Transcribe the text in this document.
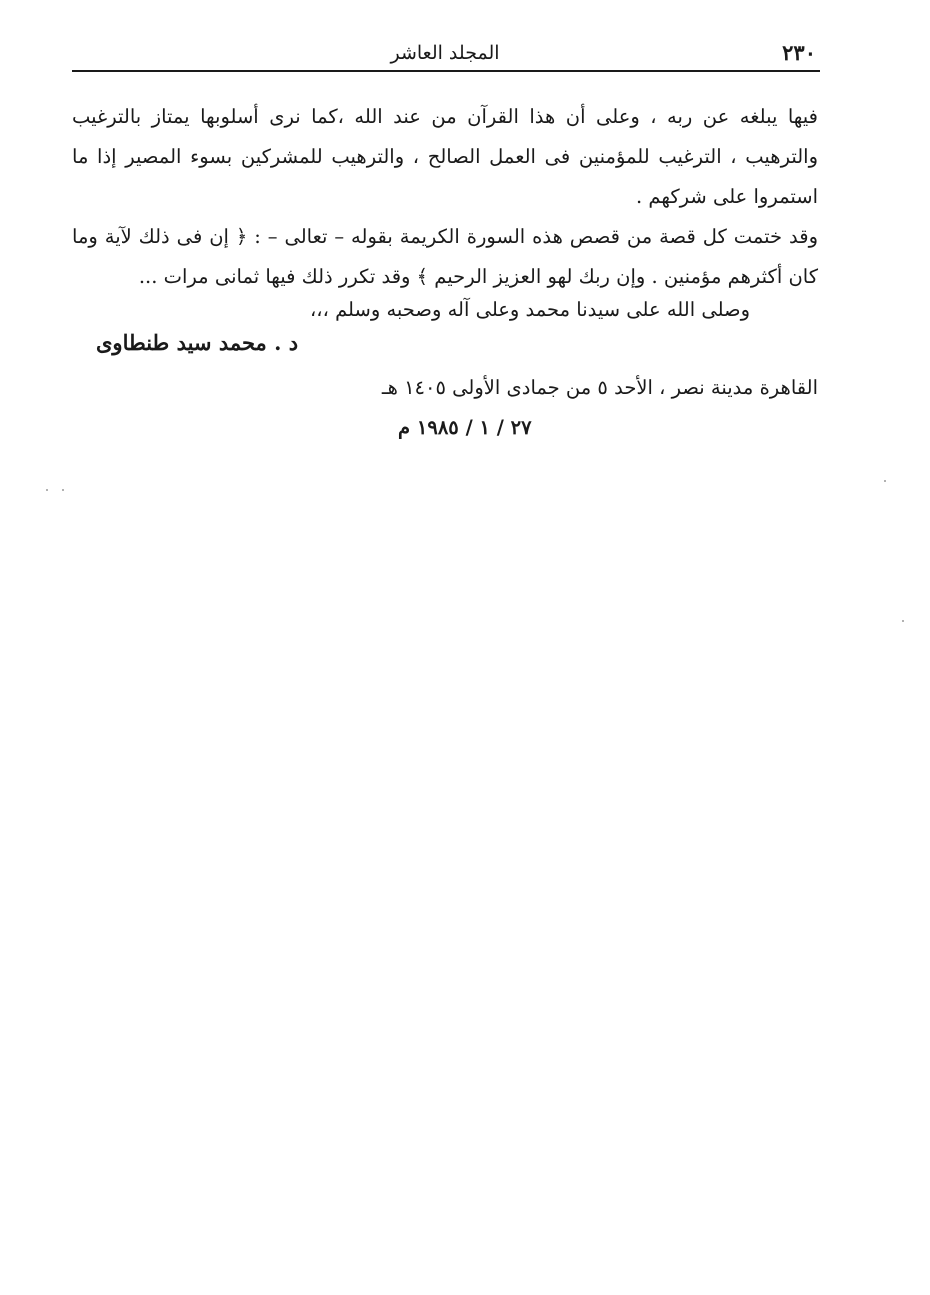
٢٣٠
المجلد العاشر

فيها يبلغه عن ربه ، وعلى أن هذا القرآن من عند الله ،كما نرى أسلوبها يمتاز بالترغيب والترهيب ، الترغيب للمؤمنين فى العمل الصالح ، والترهيب للمشركين بسوء المصير إذا ما استمروا على شركهم .

وقد ختمت كل قصة من قصص هذه السورة الكريمة بقوله – تعالى – : ﴿ إن فى ذلك لآية وما كان أكثرهم مؤمنين . وإن ربك لهو العزيز الرحيم ﴾ وقد تكرر ذلك فيها ثمانى مرات ...

وصلى الله على سيدنا محمد وعلى آله وصحبه وسلم ،،،
د . محمد سيد طنطاوى
القاهرة مدينة نصر ، الأحد ٥ من جمادى الأولى ١٤٠٥ هـ
٢٧ / ١ / ١٩٨٥ م
